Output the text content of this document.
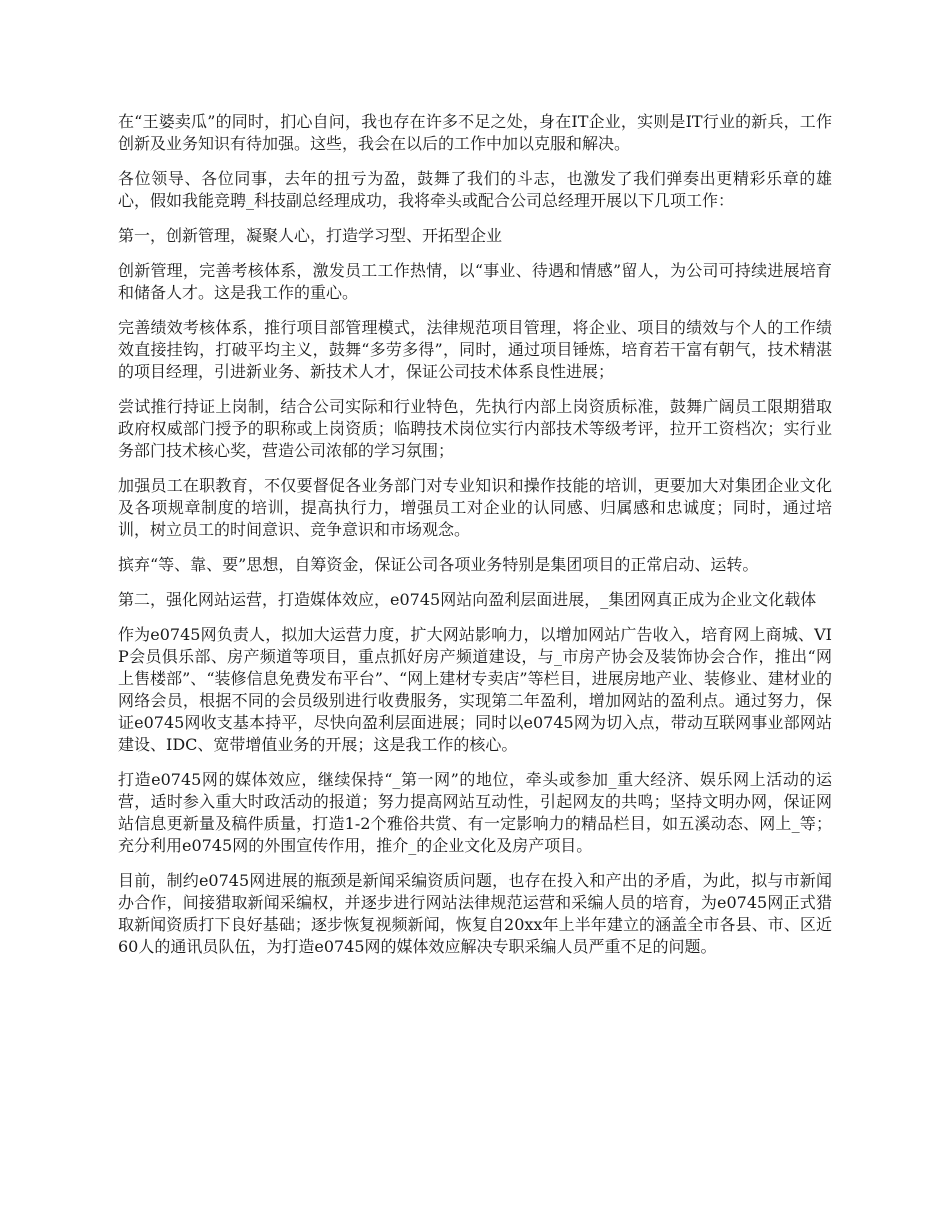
在“王婆卖瓜”的同时，扪心自问，我也存在许多不足之处，身在IT企业，实则是IT行业的新兵，工作创新及业务知识有待加强。这些，我会在以后的工作中加以克服和解决。

各位领导、各位同事，去年的扭亏为盈，鼓舞了我们的斗志，也激发了我们弹奏出更精彩乐章的雄心，假如我能竞聘_科技副总经理成功，我将牵头或配合公司总经理开展以下几项工作：

第一，创新管理，凝聚人心，打造学习型、开拓型企业

创新管理，完善考核体系，激发员工工作热情，以“事业、待遇和情感”留人，为公司可持续进展培育和储备人才。这是我工作的重心。

完善绩效考核体系，推行项目部管理模式，法律规范项目管理，将企业、项目的绩效与个人的工作绩效直接挂钩，打破平均主义，鼓舞“多劳多得”，同时，通过项目锤炼，培育若干富有朝气，技术精湛的项目经理，引进新业务、新技术人才，保证公司技术体系良性进展；

尝试推行持证上岗制，结合公司实际和行业特色，先执行内部上岗资质标准，鼓舞广阔员工限期猎取政府权威部门授予的职称或上岗资质；临聘技术岗位实行内部技术等级考评，拉开工资档次；实行业务部门技术核心奖，营造公司浓郁的学习氛围；

加强员工在职教育，不仅要督促各业务部门对专业知识和操作技能的培训，更要加大对集团企业文化及各项规章制度的培训，提高执行力，增强员工对企业的认同感、归属感和忠诚度；同时，通过培训，树立员工的时间意识、竞争意识和市场观念。

摈弃“等、靠、要”思想，自筹资金，保证公司各项业务特别是集团项目的正常启动、运转。

第二，强化网站运营，打造媒体效应，e0745网站向盈利层面进展，_集团网真正成为企业文化载体

作为e0745网负责人，拟加大运营力度，扩大网站影响力，以增加网站广告收入，培育网上商城、VIP会员俱乐部、房产频道等项目，重点抓好房产频道建设，与_市房产协会及装饰协会合作，推出“网上售楼部”、“装修信息免费发布平台”、“网上建材专卖店”等栏目，进展房地产业、装修业、建材业的网络会员，根据不同的会员级别进行收费服务，实现第二年盈利，增加网站的盈利点。通过努力，保证e0745网收支基本持平，尽快向盈利层面进展；同时以e0745网为切入点，带动互联网事业部网站建设、IDC、宽带增值业务的开展；这是我工作的核心。

打造e0745网的媒体效应，继续保持“_第一网”的地位，牵头或参加_重大经济、娱乐网上活动的运营，适时参入重大时政活动的报道；努力提高网站互动性，引起网友的共鸣；坚持文明办网，保证网站信息更新量及稿件质量，打造1-2个雅俗共赏、有一定影响力的精品栏目，如五溪动态、网上_等；充分利用e0745网的外围宣传作用，推介_的企业文化及房产项目。

目前，制约e0745网进展的瓶颈是新闻采编资质问题，也存在投入和产出的矛盾，为此，拟与市新闻办合作，间接猎取新闻采编权，并逐步进行网站法律规范运营和采编人员的培育，为e0745网正式猎取新闻资质打下良好基础；逐步恢复视频新闻，恢复自20xx年上半年建立的涵盖全市各县、市、区近60人的通讯员队伍，为打造e0745网的媒体效应解决专职采编人员严重不足的问题。
